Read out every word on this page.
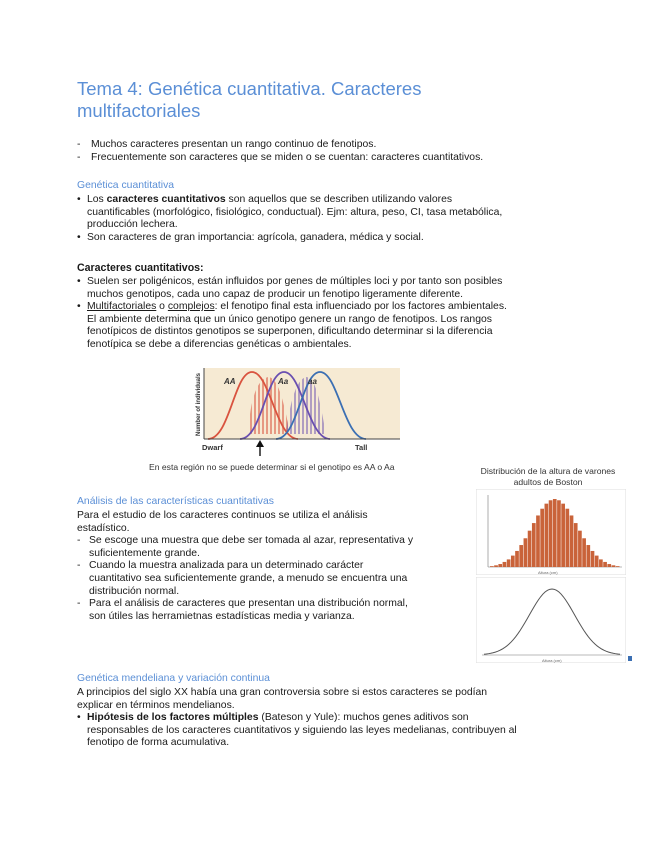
Tema 4: Genética cuantitativa. Caracteres multifactoriales
- Muchos caracteres presentan un rango continuo de fenotipos.
- Frecuentemente son caracteres que se miden o se cuentan: caracteres cuantitativos.
Genética cuantitativa
• Los caracteres cuantitativos son aquellos que se describen utilizando valores
cuantificables (morfológico, fisiológico, conductual). Ejm: altura, peso, CI, tasa metabólica,
producción lechera.
• Son caracteres de gran importancia: agrícola, ganadera, médica y social.
Caracteres cuantitativos:
• Suelen ser poligénicos, están influidos por genes de múltiples loci y por tanto son posibles
muchos genotipos, cada uno capaz de producir un fenotipo ligeramente diferente.
• Multifactoriales o complejos: el fenotipo final esta influenciado por los factores ambientales.
El ambiente determina que un único genotipo genere un rango de fenotipos. Los rangos
fenotípicos de distintos genotipos se superponen, dificultando determinar si la diferencia
fenotípica se debe a diferencias genéticas o ambientales.
AA	Aa aa
Number of individuals
Dwarf	Tall
En esta región no se puede determinar si el genotipo es AA o Aa	Distribución de la altura de varones
adultos de Boston
Altura (cm)
Altura (cm)
Análisis de las características cuantitativas
Para el estudio de los caracteres continuos se utiliza el análisis
estadístico.
- Se escoge una muestra que debe ser tomada al azar, representativa y
suficientemente grande.
- Cuando la muestra analizada para un determinado carácter
cuantitativo sea suficientemente grande, a menudo se encuentra una
distribución normal.
- Para el análisis de caracteres que presentan una distribución normal,
son útiles las herramietnas estadísticas media y varianza.
Genética mendeliana y variación continua
A principios del siglo XX había una gran controversia sobre si estos caracteres se podían
explicar en términos mendelianos.
• Hipótesis de los factores múltiples (Bateson y Yule): muchos genes aditivos son
responsables de los caracteres cuantitativos y siguiendo las leyes medelianas, contribuyen al
fenotipo de forma acumulativa.
